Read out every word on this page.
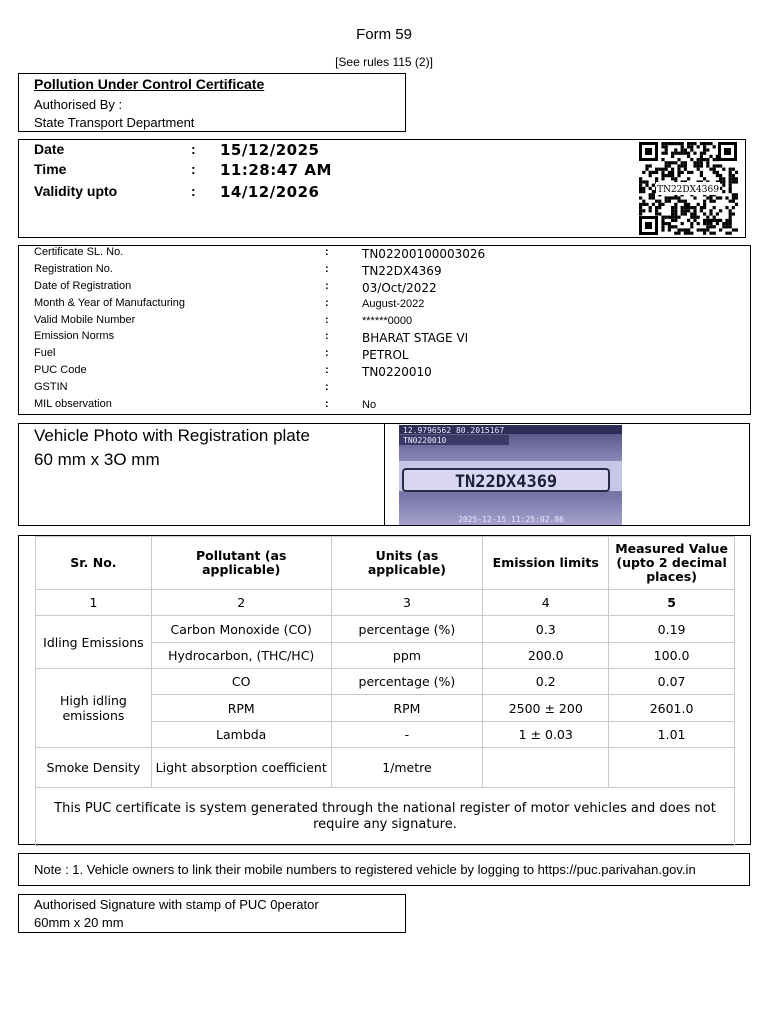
Form 59
[See rules 115 (2)]
Pollution Under Control Certificate
Authorised By :
State Transport Department
Date	: 15/12/2025
Time	: 11:28:47 AM
Validity upto	: 14/12/2026	TN22DX4369
Certificate SL. No.	:	TN02200100003026
Registration No.	:	TN22DX4369
Date of Registration	:	03/Oct/2022
Month & Year of Manufacturing	:	August-2022
Valid Mobile Number	:	******0000
Emission Norms	:	BHARAT STAGE VI
Fuel	:	PETROL
PUC Code	:	TN0220010
GSTIN	:
MIL observation	:	No
Vehicle Photo with Registration plate
60 mm x 3O mm
12.9796562 80.2015167
TN0220010
TN22DX4369
2025-12-15 11:25:02.86
Sr. No.	Pollutant (as applicable)	Units (as applicable)	Emission limits	Measured Value (upto 2 decimal places)
1	2	3	4	5
Idling Emissions	Carbon Monoxide (CO)	percentage (%)	0.3	0.19
	Hydrocarbon, (THC/HC)	ppm	200.0	100.0
High idling emissions	CO	percentage (%)	0.2	0.07
	RPM	RPM	2500 ± 200	2601.0
	Lambda	-	1 ± 0.03	1.01
Smoke Density	Light absorption coefficient	1/metre		
This PUC certificate is system generated through the national register of motor vehicles and does not require any signature.				
Note : 1. Vehicle owners to link their mobile numbers to registered vehicle by logging to https://puc.parivahan.gov.in
Authorised Signature with stamp of PUC 0perator
60mm x 20 mm
